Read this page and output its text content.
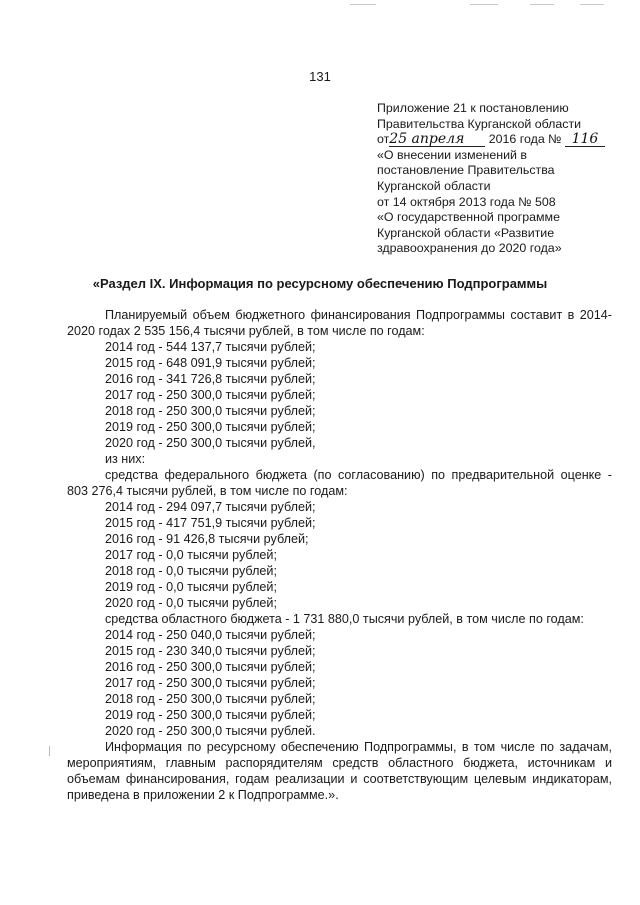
131
Приложение 21 к постановлению
Правительства Курганской области
от25 апреля 2016 года № 116
«О внесении изменений в
постановление Правительства
Курганской области
от 14 октября 2013 года № 508
«О государственной программе
Курганской области «Развитие
здравоохранения до 2020 года»
«Раздел IX. Информация по ресурсному обеспечению Подпрограммы
Планируемый объем бюджетного финансирования Подпрограммы составит в 2014-2020 годах 2 535 156,4 тысячи рублей, в том числе по годам:
2014 год - 544 137,7 тысячи рублей;
2015 год - 648 091,9 тысячи рублей;
2016 год - 341 726,8 тысячи рублей;
2017 год - 250 300,0 тысячи рублей;
2018 год - 250 300,0 тысячи рублей;
2019 год - 250 300,0 тысячи рублей;
2020 год - 250 300,0 тысячи рублей,
из них:
средства федерального бюджета (по согласованию) по предварительной оценке - 803 276,4 тысячи рублей, в том числе по годам:
2014 год - 294 097,7 тысячи рублей;
2015 год - 417 751,9 тысячи рублей;
2016 год - 91 426,8 тысячи рублей;
2017 год - 0,0 тысячи рублей;
2018 год - 0,0 тысячи рублей;
2019 год - 0,0 тысячи рублей;
2020 год - 0,0 тысячи рублей;
средства областного бюджета - 1 731 880,0 тысячи рублей, в том числе по годам:
2014 год - 250 040,0 тысячи рублей;
2015 год - 230 340,0 тысячи рублей;
2016 год - 250 300,0 тысячи рублей;
2017 год - 250 300,0 тысячи рублей;
2018 год - 250 300,0 тысячи рублей;
2019 год - 250 300,0 тысячи рублей;
2020 год - 250 300,0 тысячи рублей.
Информация по ресурсному обеспечению Подпрограммы, в том числе по задачам, мероприятиям, главным распорядителям средств областного бюджета, источникам и объемам финансирования, годам реализации и соответствующим целевым индикаторам, приведена в приложении 2 к Подпрограмме.».
